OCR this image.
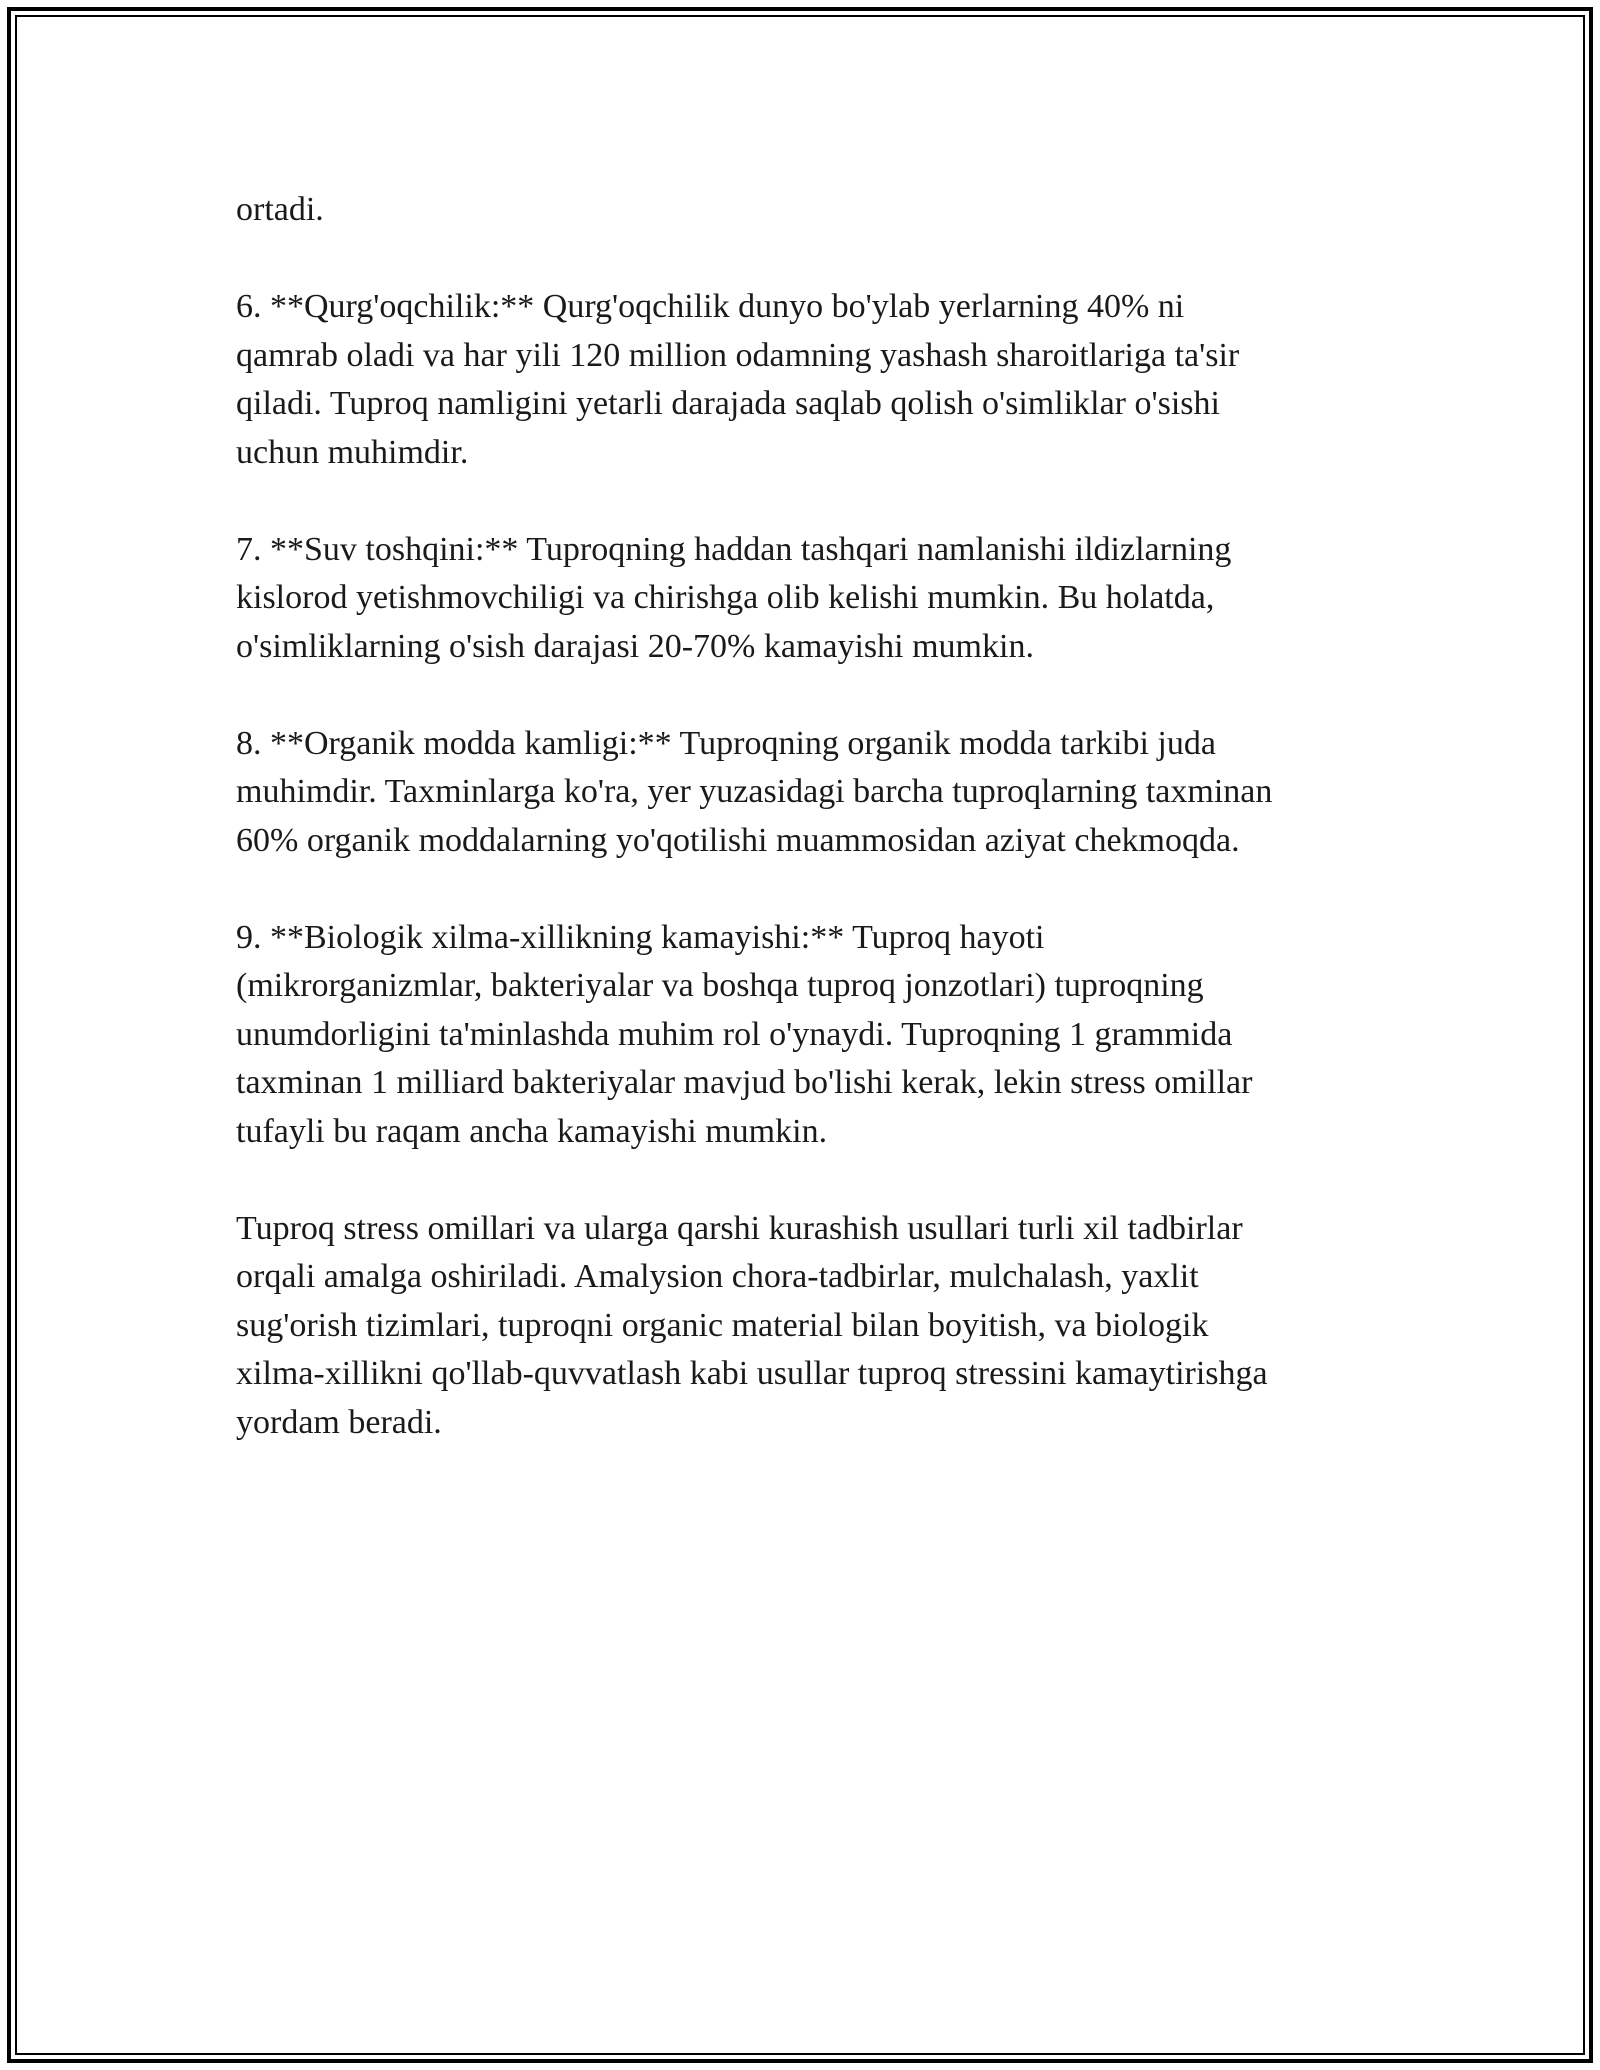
ortadi.

6. **Qurg'oqchilik:** Qurg'oqchilik dunyo bo'ylab yerlarning 40% ni
qamrab oladi va har yili 120 million odamning yashash sharoitlariga ta'sir
qiladi. Tuproq namligini yetarli darajada saqlab qolish o'simliklar o'sishi
uchun muhimdir.

7. **Suv toshqini:** Tuproqning haddan tashqari namlanishi ildizlarning
kislorod yetishmovchiligi va chirishga olib kelishi mumkin. Bu holatda,
o'simliklarning o'sish darajasi 20-70% kamayishi mumkin.

8. **Organik modda kamligi:** Tuproqning organik modda tarkibi juda
muhimdir. Taxminlarga ko'ra, yer yuzasidagi barcha tuproqlarning taxminan
60% organik moddalarning yo'qotilishi muammosidan aziyat chekmoqda.

9. **Biologik xilma-xillikning kamayishi:** Tuproq hayoti
(mikrorganizmlar, bakteriyalar va boshqa tuproq jonzotlari) tuproqning
unumdorligini ta'minlashda muhim rol o'ynaydi. Tuproqning 1 grammida
taxminan 1 milliard bakteriyalar mavjud bo'lishi kerak, lekin stress omillar
tufayli bu raqam ancha kamayishi mumkin.

Tuproq stress omillari va ularga qarshi kurashish usullari turli xil tadbirlar
orqali amalga oshiriladi. Amalysion chora-tadbirlar, mulchalash, yaxlit
sug'orish tizimlari, tuproqni organic material bilan boyitish, va biologik
xilma-xillikni qo'llab-quvvatlash kabi usullar tuproq stressini kamaytirishga
yordam beradi.
